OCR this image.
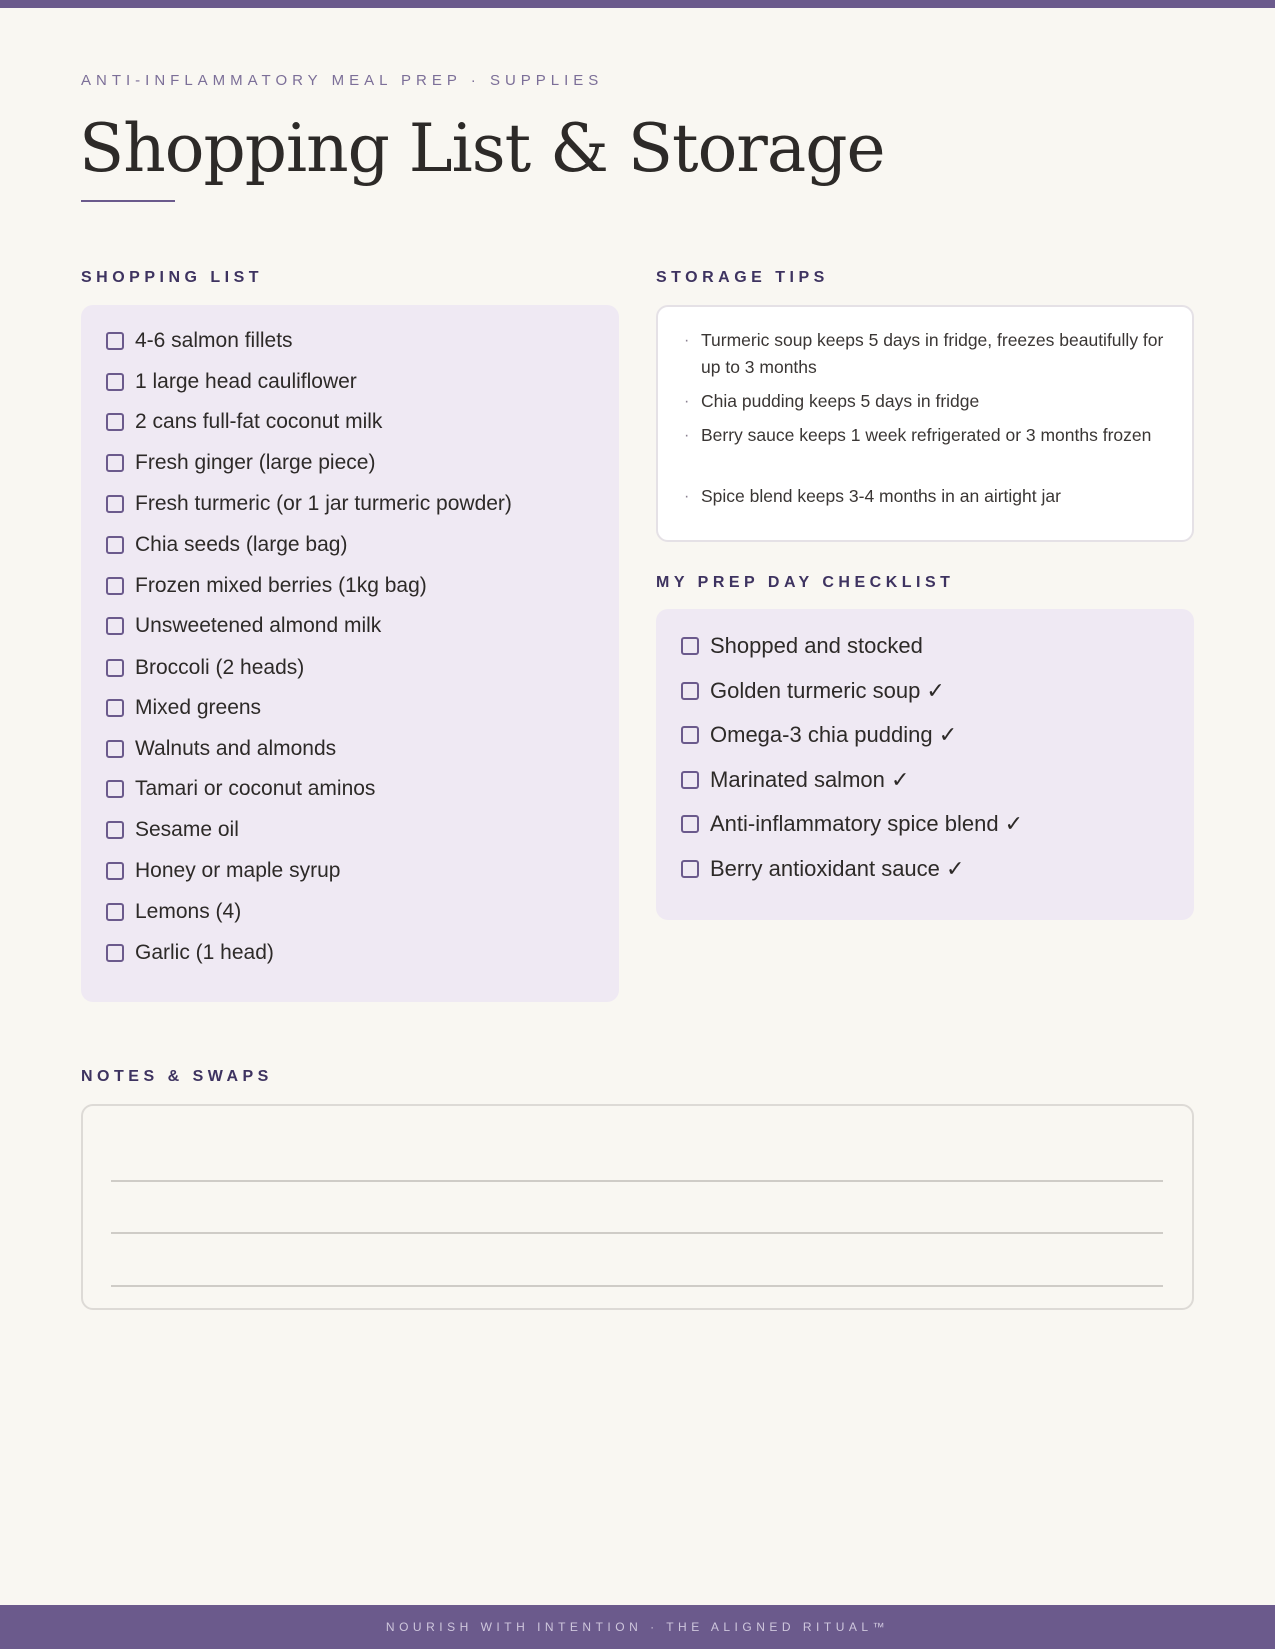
ANTI-INFLAMMATORY MEAL PREP · SUPPLIES
Shopping List & Storage
SHOPPING LIST
4-6 salmon fillets
1 large head cauliflower
2 cans full-fat coconut milk
Fresh ginger (large piece)
Fresh turmeric (or 1 jar turmeric powder)
Chia seeds (large bag)
Frozen mixed berries (1kg bag)
Unsweetened almond milk
Broccoli (2 heads)
Mixed greens
Walnuts and almonds
Tamari or coconut aminos
Sesame oil
Honey or maple syrup
Lemons (4)
Garlic (1 head)
STORAGE TIPS
· Turmeric soup keeps 5 days in fridge, freezes beautifully for up to 3 months
· Chia pudding keeps 5 days in fridge
· Berry sauce keeps 1 week refrigerated or 3 months frozen
· Spice blend keeps 3-4 months in an airtight jar
MY PREP DAY CHECKLIST
Shopped and stocked
Golden turmeric soup ✓
Omega-3 chia pudding ✓
Marinated salmon ✓
Anti-inflammatory spice blend ✓
Berry antioxidant sauce ✓
NOTES & SWAPS
NOURISH WITH INTENTION · THE ALIGNED RITUAL™
